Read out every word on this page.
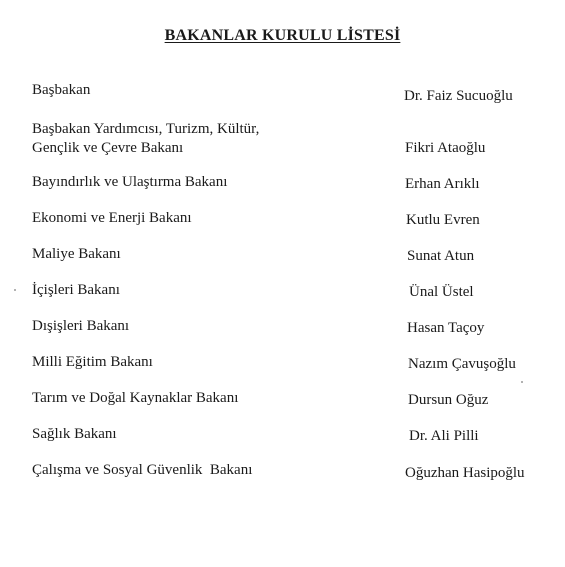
BAKANLAR KURULU LİSTESİ
Başbakan	Dr. Faiz Sucuoğlu
Başbakan Yardımcısı, Turizm, Kültür,
Gençlik ve Çevre Bakanı	Fikri Ataoğlu
Bayındırlık ve Ulaştırma Bakanı	Erhan Arıklı
Ekonomi ve Enerji Bakanı	Kutlu Evren
Maliye Bakanı	Sunat Atun
İçişleri Bakanı	Ünal Üstel
Dışişleri Bakanı	Hasan Taçoy
Milli Eğitim Bakanı	Nazım Çavuşoğlu
Tarım ve Doğal Kaynaklar Bakanı	Dursun Oğuz
Sağlık Bakanı	Dr. Ali Pilli
Çalışma ve Sosyal Güvenlik  Bakanı	Oğuzhan Hasipoğlu
